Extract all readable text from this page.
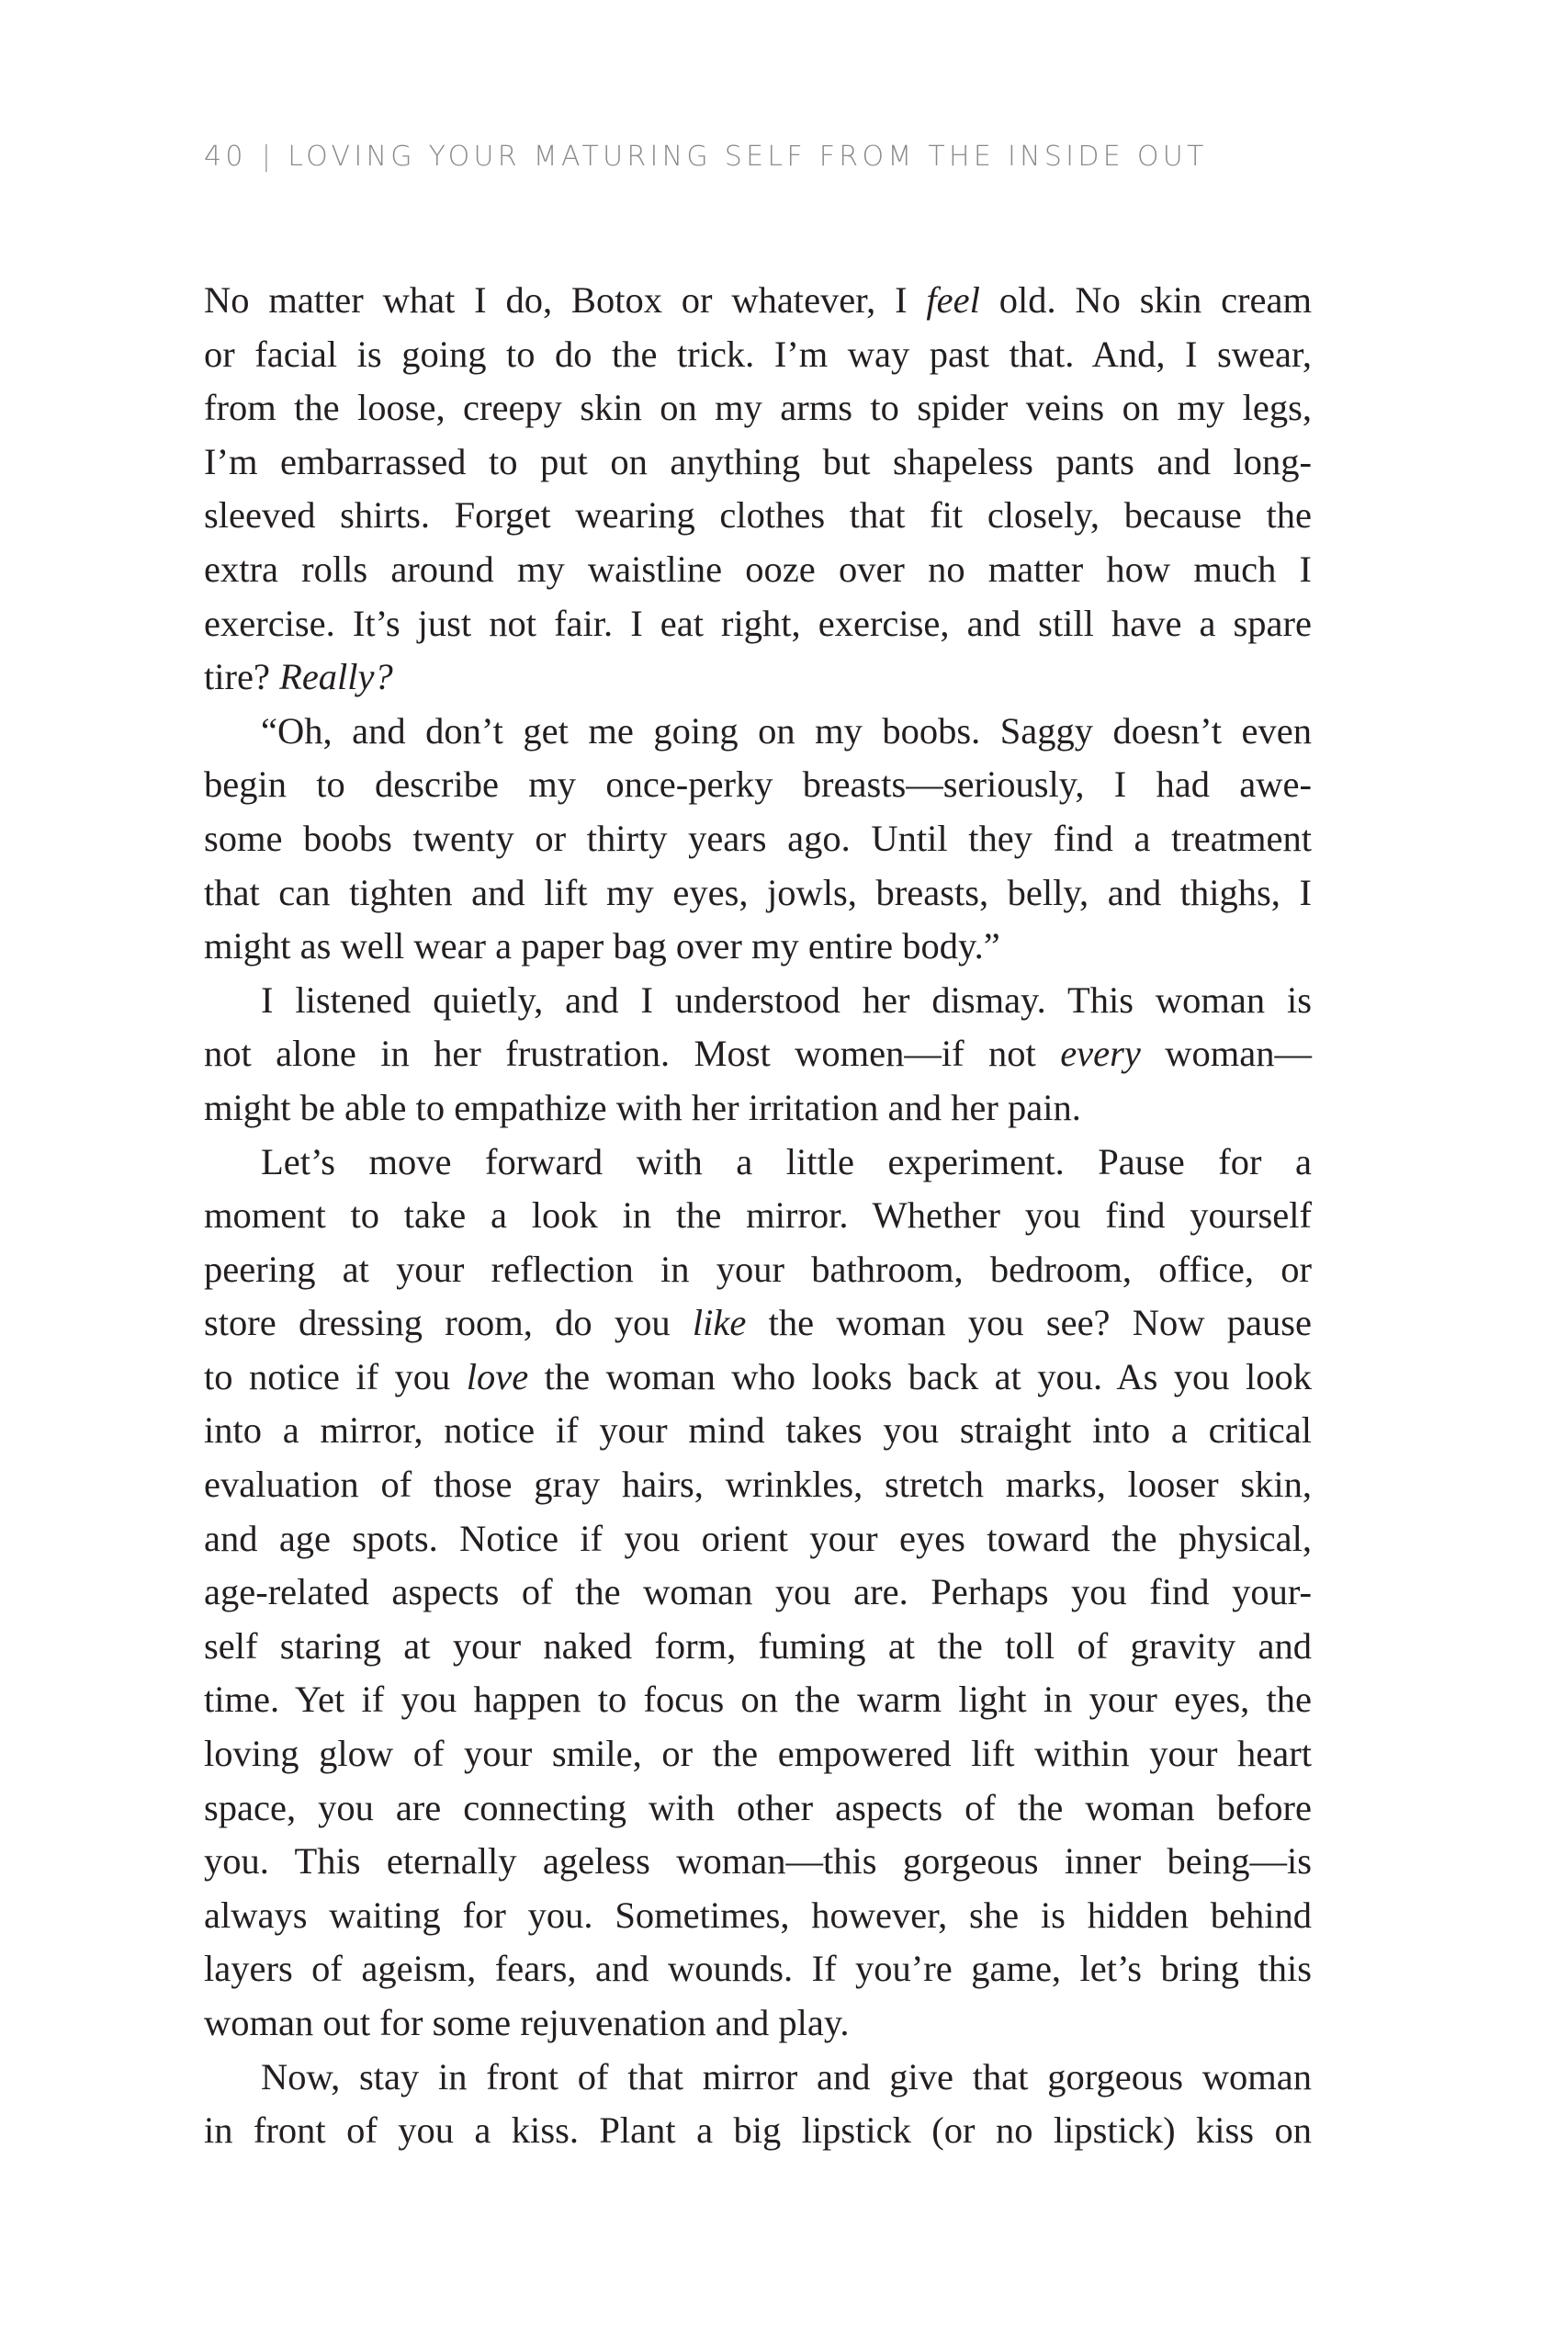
40 | LOVING YOUR MATURING SELF FROM THE INSIDE OUT
No matter what I do, Botox or whatever, I feel old. No skin cream
or facial is going to do the trick. I’m way past that. And, I swear,
from the loose, creepy skin on my arms to spider veins on my legs,
I’m embarrassed to put on anything but shapeless pants and long-
sleeved shirts. Forget wearing clothes that fit closely, because the
extra rolls around my waistline ooze over no matter how much I
exercise. It’s just not fair. I eat right, exercise, and still have a spare
tire? Really?
“Oh, and don’t get me going on my boobs. Saggy doesn’t even
begin to describe my once-perky breasts—seriously, I had awe-
some boobs twenty or thirty years ago. Until they find a treatment
that can tighten and lift my eyes, jowls, breasts, belly, and thighs, I
might as well wear a paper bag over my entire body.”
I listened quietly, and I understood her dismay. This woman is
not alone in her frustration. Most women—if not every woman—
might be able to empathize with her irritation and her pain.
Let’s move forward with a little experiment. Pause for a
moment to take a look in the mirror. Whether you find yourself
peering at your reflection in your bathroom, bedroom, office, or
store dressing room, do you like the woman you see? Now pause
to notice if you love the woman who looks back at you. As you look
into a mirror, notice if your mind takes you straight into a critical
evaluation of those gray hairs, wrinkles, stretch marks, looser skin,
and age spots. Notice if you orient your eyes toward the physical,
age-related aspects of the woman you are. Perhaps you find your-
self staring at your naked form, fuming at the toll of gravity and
time. Yet if you happen to focus on the warm light in your eyes, the
loving glow of your smile, or the empowered lift within your heart
space, you are connecting with other aspects of the woman before
you. This eternally ageless woman—this gorgeous inner being—is
always waiting for you. Sometimes, however, she is hidden behind
layers of ageism, fears, and wounds. If you’re game, let’s bring this
woman out for some rejuvenation and play.
Now, stay in front of that mirror and give that gorgeous woman
in front of you a kiss. Plant a big lipstick (or no lipstick) kiss on
